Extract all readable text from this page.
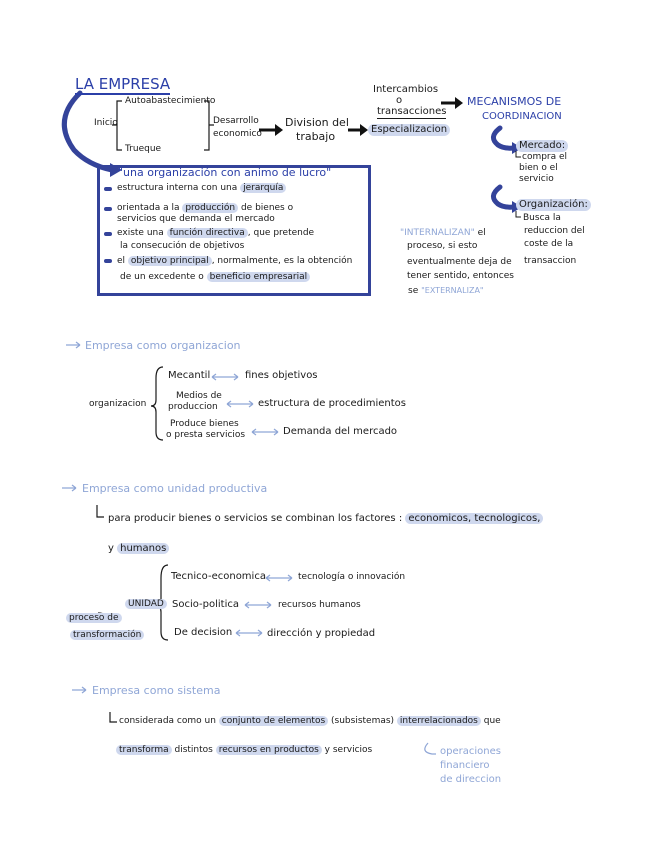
LA EMPRESA
Inicio
Autoabastecimiento
Trueque
Desarrollo
economico
Division del
trabajo
Intercambios
o
transacciones
Especializacion
MECANISMOS DE
COORDINACION
Mercado:
compra el
bien o el
servicio
Organización:
Busca la
reduccion del
coste de la
transaccion
"INTERNALIZAN" el
proceso, si esto
eventualmente deja de
tener sentido, entonces
se "EXTERNALIZA"
"una organización con animo de lucro"
estructura interna con una jerarquía
orientada a la producción de bienes o
servicios que demanda el mercado
existe una función directiva , que pretende
la consecución de objetivos
el objetivo principal , normalmente, es la obtención
de un excedente o beneficio empresarial
Empresa como organizacion
organizacion
Mecantil	fines objetivos
Medios de
produccion	estructura de procedimientos
Produce bienes
o presta servicios	Demanda del mercado
Empresa como unidad productiva
para producir bienes o servicios se combinan los factores : economicos, tecnologicos,
y humanos
UNIDAD
proceso de
transformación
Tecnico-economica	tecnología o innovación
Socio-politica	recursos humanos
De decision	dirección y propiedad
Empresa como sistema
considerada como un conjunto de elementos (subsistemas) interrelacionados que
transforma distintos recursos en productos y servicios	operaciones
financiero
de direccion
